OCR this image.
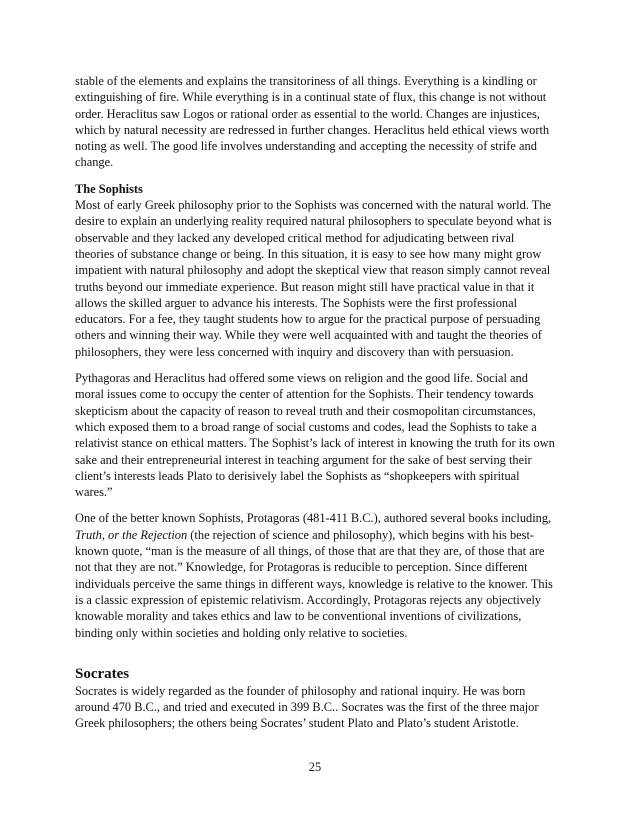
stable of the elements and explains the transitoriness of all things. Everything is a kindling or extinguishing of fire. While everything is in a continual state of flux, this change is not without order. Heraclitus saw Logos or rational order as essential to the world. Changes are injustices, which by natural necessity are redressed in further changes. Heraclitus held ethical views worth noting as well. The good life involves understanding and accepting the necessity of strife and change.

The Sophists

Most of early Greek philosophy prior to the Sophists was concerned with the natural world. The desire to explain an underlying reality required natural philosophers to speculate beyond what is observable and they lacked any developed critical method for adjudicating between rival theories of substance change or being. In this situation, it is easy to see how many might grow impatient with natural philosophy and adopt the skeptical view that reason simply cannot reveal truths beyond our immediate experience. But reason might still have practical value in that it allows the skilled arguer to advance his interests. The Sophists were the first professional educators. For a fee, they taught students how to argue for the practical purpose of persuading others and winning their way. While they were well acquainted with and taught the theories of philosophers, they were less concerned with inquiry and discovery than with persuasion.

Pythagoras and Heraclitus had offered some views on religion and the good life. Social and moral issues come to occupy the center of attention for the Sophists. Their tendency towards skepticism about the capacity of reason to reveal truth and their cosmopolitan circumstances, which exposed them to a broad range of social customs and codes, lead the Sophists to take a relativist stance on ethical matters. The Sophist’s lack of interest in knowing the truth for its own sake and their entrepreneurial interest in teaching argument for the sake of best serving their client’s interests leads Plato to derisively label the Sophists as “shopkeepers with spiritual wares.”

One of the better known Sophists, Protagoras (481-411 B.C.), authored several books including, Truth, or the Rejection (the rejection of science and philosophy), which begins with his best-known quote, “man is the measure of all things, of those that are that they are, of those that are not that they are not.” Knowledge, for Protagoras is reducible to perception. Since different individuals perceive the same things in different ways, knowledge is relative to the knower. This is a classic expression of epistemic relativism. Accordingly, Protagoras rejects any objectively knowable morality and takes ethics and law to be conventional inventions of civilizations, binding only within societies and holding only relative to societies.

Socrates

Socrates is widely regarded as the founder of philosophy and rational inquiry. He was born around 470 B.C., and tried and executed in 399 B.C.. Socrates was the first of the three major Greek philosophers; the others being Socrates’ student Plato and Plato’s student Aristotle.

25
